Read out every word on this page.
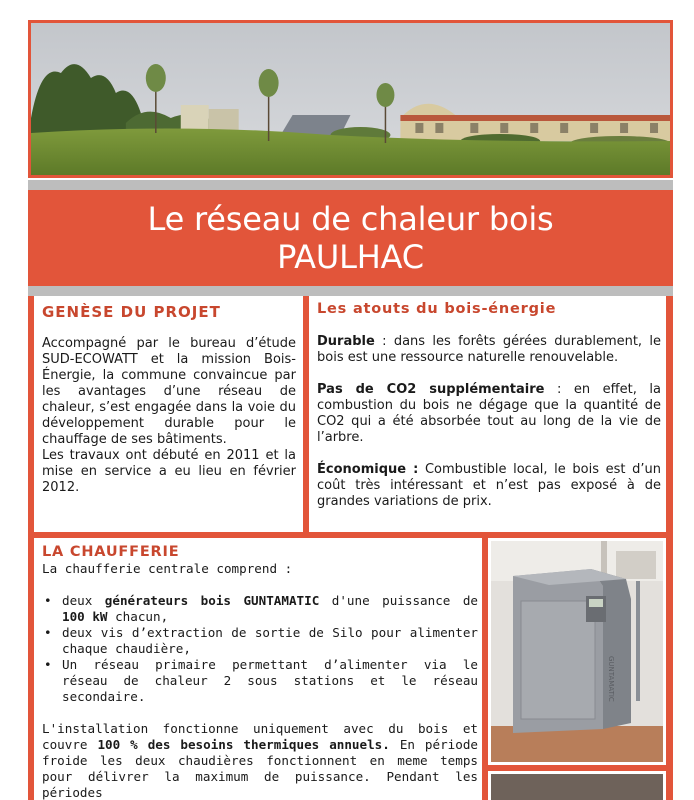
Le réseau de chaleur bois
PAULHAC
GENÈSE DU PROJET

Accompagné par le bureau d’étude SUD-ECOWATT et la mission Bois-Énergie, la commune convaincue par les avantages d’une réseau de chaleur, s’est engagée dans la voie du développement durable pour le chauffage de ses bâtiments.

Les travaux ont débuté en 2011 et la mise en service a eu lieu en février 2012.

Les atouts du bois-énergie

Durable : dans les forêts gérées durablement, le bois est une ressource naturelle renouvelable.

Pas de CO2 supplémentaire : en effet, la combustion du bois ne dégage que la quantité de CO2 qui a été absorbée tout au long de la vie de l’arbre.

Économique : Combustible local, le bois est d’un coût très intéressant et n’est pas exposé à de grandes variations de prix.

LA CHAUFFERIE

La chaufferie centrale comprend :

• deux générateurs bois GUNTAMATIC d'une puissance de 100 kW chacun,
• deux vis d’extraction de sortie de Silo pour alimenter chaque chaudière,
• Un réseau primaire permettant d’alimenter via le réseau de chaleur 2 sous stations et le réseau secondaire.

L'installation fonctionne uniquement avec du bois et couvre 100 % des besoins thermiques annuels. En période froide les deux chaudières fonctionnent en meme temps pour délivrer la maximum de puissance. Pendant les périodes

GUNTAMATIC
